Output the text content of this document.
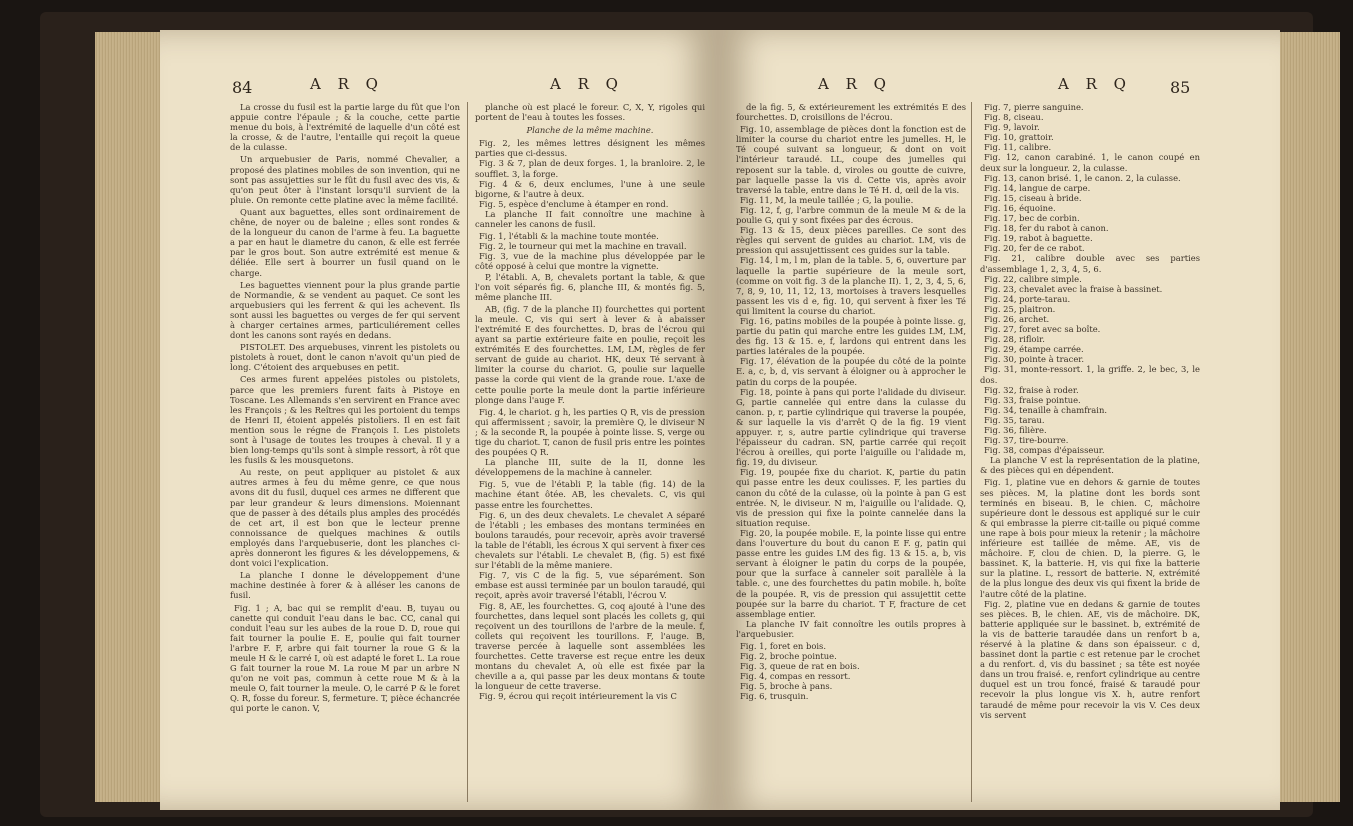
84	A R Q	A R Q

La crosse du fusil est la partie large du fût que l'on appuie contre l'épaule ; & la couche, cette partie menue du bois, à l'extrémité de laquelle d'un côté est la crosse, & de l'autre, l'entaille qui reçoit la queue de la culasse.

Un arquebusier de Paris, nommé Chevalier, a proposé des platines mobiles de son invention, qui ne sont pas assujetties sur le fût du fusil avec des vis, & qu'on peut ôter à l'instant lorsqu'il survient de la pluie. On remonte cette platine avec la même facilité.

Quant aux baguettes, elles sont ordinairement de chêne, de noyer ou de baleine ; elles sont rondes & de la longueur du canon de l'arme à feu. La baguette a par en haut le diametre du canon, & elle est ferrée par le gros bout. Son autre extrémité est menue & déliée. Elle sert à bourrer un fusil quand on le charge.

Les baguettes viennent pour la plus grande partie de Normandie, & se vendent au paquet. Ce sont les arquebusiers qui les ferrent & qui les achevent. Ils sont aussi les baguettes ou verges de fer qui servent à charger certaines armes, particuliérement celles dont les canons sont rayés en dedans.

PISTOLET. Des arquebuses, vinrent les pistolets ou pistolets à rouet, dont le canon n'avoit qu'un pied de long. C'étoient des arquebuses en petit.

Ces armes furent appelées pistoles ou pistolets, parce que les premiers furent faits à Pistoye en Toscane. Les Allemands s'en servirent en France avec les François ; & les Reîtres qui les portoient du temps de Henri II, étoient appelés pistoliers. Il en est fait mention sous le régne de François I. Les pistolets sont à l'usage de toutes les troupes à cheval. Il y a bien long-temps qu'ils sont à simple ressort, à rôt que les fusils & les mousquetons.

Au reste, on peut appliquer au pistolet & aux autres armes à feu du même genre, ce que nous avons dit du fusil, duquel ces armes ne different que par leur grandeur & leurs dimensions. Moiennant que de passer à des détails plus amples des procédés de cet art, il est bon que le lecteur prenne connoissance de quelques machines & outils employés dans l'arquebuserie, dont les planches ci-après donneront les figures & les développemens, & dont voici l'explication.

La planche I donne le développement d'une machine destinée à forer & à alléser les canons de fusil.

Fig. 1 ; A, bac qui se remplit d'eau. B, tuyau ou canette qui conduit l'eau dans le bac. CC, canal qui conduit l'eau sur les aubes de la roue D. D, roue qui fait tourner la poulie E. E, poulie qui fait tourner l'arbre F. F, arbre qui fait tourner la roue G & la meule H & le carré I, où est adapté le foret L. La roue G fait tourner la roue M. La roue M par un arbre N qu'on ne voit pas, commun à cette roue M & à la meule O, fait tourner la meule. O, le carré P & le foret Q. R, fosse du foreur. S, fermeture. T, pièce échancrée qui porte le canon. V,

planche où est placé le foreur. C, X, Y, rigoles qui portent de l'eau à toutes les fosses.

Planche de la même machine.

Fig. 2, les mêmes lettres désignent les mêmes parties que ci-dessus.

Fig. 3 & 7, plan de deux forges. 1, la branloire. 2, le soufflet. 3, la forge.

Fig. 4 & 6, deux enclumes, l'une à une seule bigorne, & l'autre à deux.

Fig. 5, espèce d'enclume à étamper en rond.

La planche II fait connoître une machine à canneler les canons de fusil.

Fig. 1, l'établi & la machine toute montée.

Fig. 2, le tourneur qui met la machine en travail.

Fig. 3, vue de la machine plus développée par le côté opposé à celui que montre la vignette.

P, l'établi. A, B, chevalets portant la table, & que l'on voit séparés fig. 6, planche III, & montés fig. 5, même planche III.

AB, (fig. 7 de la planche II) fourchettes qui portent la meule. C, vis qui sert à lever & à abaisser l'extrémité E des fourchettes. D, bras de l'écrou qui ayant sa partie extérieure faite en poulie, reçoit les extrémités E des fourchettes. LM, LM, règles de fer servant de guide au chariot. HK, deux Té servant à limiter la course du chariot. G, poulie sur laquelle passe la corde qui vient de la grande roue. L'axe de cette poulie porte la meule dont la partie inférieure plonge dans l'auge F.

Fig. 4, le chariot. g h, les parties Q R, vis de pression qui affermissent ; savoir, la première Q, le diviseur N ; & la seconde R, la poupée à pointe lisse. S, verge ou tige du chariot. T, canon de fusil pris entre les pointes des poupées Q R.

La planche III, suite de la II, donne les développemens de la machine à canneler.

Fig. 5, vue de l'établi P, la table (fig. 14) de la machine étant ôtée. AB, les chevalets. C, vis qui passe entre les fourchettes.

Fig. 6, un des deux chevalets. Le chevalet A séparé de l'établi ; les embases des montans terminées en boulons taraudés, pour recevoir, après avoir traversé la table de l'établi, les écrous X qui servent à fixer ces chevalets sur l'établi. Le chevalet B, (fig. 5) est fixé sur l'établi de la même maniere.

Fig. 7, vis C de la fig. 5, vue séparément. Son embase est aussi terminée par un boulon taraudé, qui reçoit, après avoir traversé l'établi, l'écrou V.

Fig. 8, AE, les fourchettes. G, coq ajouté à l'une des fourchettes, dans lequel sont placés les collets g, qui reçoivent un des tourillons de l'arbre de la meule. f, collets qui reçoivent les tourillons. F, l'auge. B, traverse percée à laquelle sont assemblées les fourchettes. Cette traverse est reçue entre les deux montans du chevalet A, où elle est fixée par la cheville a a, qui passe par les deux montans & toute la longueur de cette traverse.

Fig. 9, écrou qui reçoit intérieurement la vis C

A R Q	A R Q 85

de la fig. 5, & extérieurement les extrémités E des fourchettes. D, croisillons de l'écrou.

Fig. 10, assemblage de pièces dont la fonction est de limiter la course du chariot entre les jumelles. H, le Té coupé suivant sa longueur, & dont on voit l'intérieur taraudé. LL, coupe des jumelles qui reposent sur la table. d, viroles ou goutte de cuivre, par laquelle passe la vis d. Cette vis, après avoir traversé la table, entre dans le Té H. d, œil de la vis.

Fig. 11, M, la meule taillée ; G, la poulie.

Fig. 12, f, g, l'arbre commun de la meule M & de la poulie G, qui y sont fixées par des écrous.

Fig. 13 & 15, deux pièces pareilles. Ce sont des règles qui servent de guides au chariot. LM, vis de pression qui assujettissent ces guides sur la table.

Fig. 14, l m, l m, plan de la table. 5, 6, ouverture par laquelle la partie supérieure de la meule sort, (comme on voit fig. 3 de la planche II). 1, 2, 3, 4, 5, 6, 7, 8, 9, 10, 11, 12, 13, mortoises à travers lesquelles passent les vis d e, fig. 10, qui servent à fixer les Té qui limitent la course du chariot.

Fig. 16, patins mobiles de la poupée à pointe lisse. g, partie du patin qui marche entre les guides LM, LM, des fig. 13 & 15. e, f, lardons qui entrent dans les parties latérales de la poupée.

Fig. 17, élévation de la poupée du côté de la pointe E. a, c, b, d, vis servant à éloigner ou à approcher le patin du corps de la poupée.

Fig. 18, pointe à pans qui porte l'alidade du diviseur. G, partie cannelée qui entre dans la culasse du canon. p, r, partie cylindrique qui traverse la poupée, & sur laquelle la vis d'arrêt Q de la fig. 19 vient appuyer. r, s, autre partie cylindrique qui traverse l'épaisseur du cadran. SN, partie carrée qui reçoit l'écrou à oreilles, qui porte l'aiguille ou l'alidade m, fig. 19, du diviseur.

Fig. 19, poupée fixe du chariot. K, partie du patin qui passe entre les deux coulisses. F, les parties du canon du côté de la culasse, où la pointe à pan G est entrée. N, le diviseur. N m, l'aiguille ou l'alidade. Q, vis de pression qui fixe la pointe cannelée dans la situation requise.

Fig. 20, la poupée mobile. E, la pointe lisse qui entre dans l'ouverture du bout du canon E F. g, patin qui passe entre les guides LM des fig. 13 & 15. a, b, vis servant à éloigner le patin du corps de la poupée, pour que la surface à canneler soit parallèle à la table. c, une des fourchettes du patin mobile. h, boîte de la poupée. R, vis de pression qui assujettit cette poupée sur la barre du chariot. T F, fracture de cet assemblage entier.

La planche IV fait connoître les outils propres à l'arquebusier.

Fig. 1, foret en bois.

Fig. 2, broche pointue.

Fig. 3, queue de rat en bois.

Fig. 4, compas en ressort.

Fig. 5, broche à pans.

Fig. 6, trusquin.

Fig. 7, pierre sanguine.

Fig. 8, ciseau.

Fig. 9, lavoir.

Fig. 10, grattoir.

Fig. 11, calibre.

Fig. 12, canon carabiné. 1, le canon coupé en deux sur la longueur. 2, la culasse.

Fig. 13, canon brisé. 1, le canon. 2, la culasse.

Fig. 14, langue de carpe.

Fig. 15, ciseau à bride.

Fig. 16, équoine.

Fig. 17, bec de corbin.

Fig. 18, fer du rabot à canon.

Fig. 19, rabot à baguette.

Fig. 20, fer de ce rabot.

Fig. 21, calibre double avec ses parties d'assemblage 1, 2, 3, 4, 5, 6.

Fig. 22, calibre simple.

Fig. 23, chevalet avec la fraise à bassinet.

Fig. 24, porte-tarau.

Fig. 25, plaitron.

Fig. 26, archet.

Fig. 27, foret avec sa boîte.

Fig. 28, rifloir.

Fig. 29, étampe carrée.

Fig. 30, pointe à tracer.

Fig. 31, monte-ressort. 1, la griffe. 2, le bec, 3, le dos.

Fig. 32, fraise à roder.

Fig. 33, fraise pointue.

Fig. 34, tenaille à chamfrain.

Fig. 35, tarau.

Fig. 36, filière.

Fig. 37, tire-bourre.

Fig. 38, compas d'épaisseur.

La planche V est la représentation de la platine, & des pièces qui en dépendent.

Fig. 1, platine vue en dehors & garnie de toutes ses pièces. M, la platine dont les bords sont terminés en biseau. B, le chien. C, mâchoire supérieure dont le dessous est appliqué sur le cuir & qui embrasse la pierre cit-taille ou piqué comme une rape à bois pour mieux la retenir ; la mâchoire inférieure est taillée de même. AE, vis de mâchoire. F, clou de chien. D, la pierre. G, le bassinet. K, la batterie. H, vis qui fixe la batterie sur la platine. L, ressort de batterie. N, extrémité de la plus longue des deux vis qui fixent la bride de l'autre côté de la platine.

Fig. 2, platine vue en dedans & garnie de toutes ses pièces. B, le chien. AE, vis de mâchoire. DK, batterie appliquée sur le bassinet. b, extrémité de la vis de batterie taraudée dans un renfort b a, réservé à la platine & dans son épaisseur. c d, bassinet dont la partie c est retenue par le crochet a du renfort. d, vis du bassinet ; sa tête est noyée dans un trou fraisé. e, renfort cylindrique au centre duquel est un trou foncé, fraisé & taraudé pour recevoir la plus longue vis X. h, autre renfort taraudé de même pour recevoir la vis V. Ces deux vis servent
